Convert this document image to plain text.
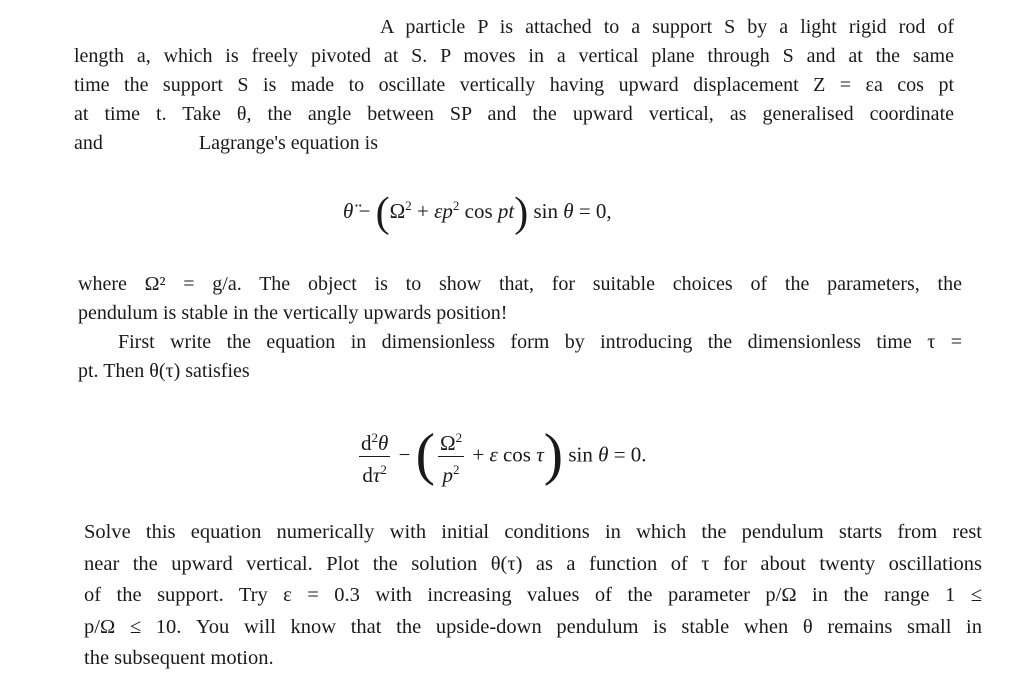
A particle P is attached to a support S by a light rigid rod of
length a, which is freely pivoted at S. P moves in a vertical plane through S and at the same
time the support S is made to oscillate vertically having upward displacement Z = εa cos pt
at time t. Take θ, the angle between SP and the upward vertical, as generalised coordinate
and	Lagrange's equation is
θ̈ − ($\Omega^2 + \varepsilon p^2$ cos pt) sin θ = 0,
where Ω² = g/a. The object is to show that, for suitable choices of the parameters, the
pendulum is stable in the vertically upwards position!
First write the equation in dimensionless form by introducing the dimensionless time τ =
pt. Then θ(τ) satisfies
$\frac{d^2\theta}{d\tau^2}$ − ( $\frac{\Omega^2}{p^2} + \varepsilon$ cos τ) sin θ = 0.
Solve this equation numerically with initial conditions in which the pendulum starts from rest
near the upward vertical. Plot the solution θ(τ) as a function of τ for about twenty oscillations
of the support. Try ε = 0.3 with increasing values of the parameter p/Ω in the range 1 ≤
p/Ω ≤ 10. You will know that the upside-down pendulum is stable when θ remains small in
the subsequent motion.
